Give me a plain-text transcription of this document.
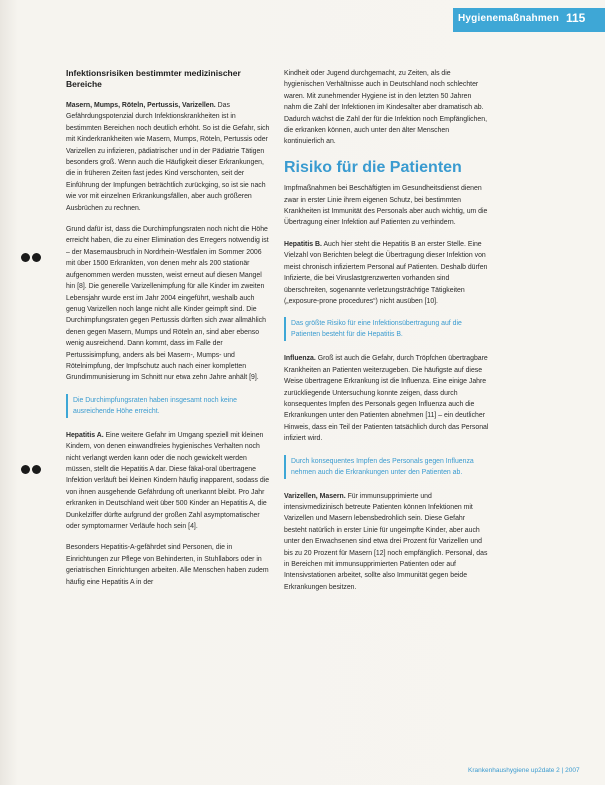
Hygienemaßnahmen 115
Infektionsrisiken bestimmter medizinischer Bereiche

Masern, Mumps, Röteln, Pertussis, Varizellen. Das Gefährdungspotenzial durch Infektionskrankheiten ist in bestimmten Bereichen noch deutlich erhöht. So ist die Gefahr, sich mit Kinderkrankheiten wie Masern, Mumps, Röteln, Pertussis oder Varizellen zu infizieren, pädiatrischer und in der Pädiatrie Tätigen besonders groß. Wenn auch die Häufigkeit dieser Erkrankungen, die in früheren Zeiten fast jedes Kind verschonten, seit der Einführung der Impfungen beträchtlich zurückging, so ist sie nach wie vor mit einzelnen Erkrankungsfällen, aber auch größeren Ausbrüchen zu rechnen.

Grund dafür ist, dass die Durchimpfungsraten noch nicht die Höhe erreicht haben, die zu einer Elimination des Erregers notwendig ist – der Masernausbruch in Nordrhein-Westfalen im Sommer 2006 mit über 1500 Erkrankten, von denen mehr als 200 stationär aufgenommen werden mussten, weist erneut auf diesen Mangel hin [8]. Die generelle Varizellenimpfung für alle Kinder im zweiten Lebensjahr wurde erst im Jahr 2004 eingeführt, weshalb auch genug Varizellen noch lange nicht alle Kinder geimpft sind. Die Durchimpfungsraten gegen Pertussis dürften sich zwar allmählich denen gegen Masern, Mumps und Röteln an, sind aber ebenso wenig ausreichend. Dann kommt, dass im Falle der Pertussisimpfung, anders als bei Masern-, Mumps- und Rötelnimpfung, der Impfschutz auch nach einer kompletten Grundimmunisierung im Schnitt nur etwa zehn Jahre anhält [9].

Die Durchimpfungsraten haben insgesamt noch keine ausreichende Höhe erreicht.

Hepatitis A. Eine weitere Gefahr im Umgang speziell mit kleinen Kindern, von denen einwandfreies hygienisches Verhalten noch nicht verlangt werden kann oder die noch gewickelt werden müssen, stellt die Hepatitis A dar. Diese fäkal-oral übertragene Infektion verläuft bei kleinen Kindern häufig inapparent, sodass die von ihnen ausgehende Gefährdung oft unerkannt bleibt. Pro Jahr erkranken in Deutschland weit über 500 Kinder an Hepatitis A, die Dunkelziffer dürfte aufgrund der großen Zahl asymptomatischer oder symptomarmer Verläufe hoch sein [4].

Besonders Hepatitis-A-gefährdet sind Personen, die in Einrichtungen zur Pflege von Behinderten, in Stuhllabors oder in geriatrischen Einrichtungen arbeiten. Alle Menschen haben zudem häufig eine Hepatitis A in der

Kindheit oder Jugend durchgemacht, zu Zeiten, als die hygienischen Verhältnisse auch in Deutschland noch schlechter waren. Mit zunehmender Hygiene ist in den letzten 50 Jahren nahm die Zahl der Infektionen im Kindesalter aber dramatisch ab. Dadurch wächst die Zahl der für die Infektion noch Empfänglichen, die erkranken können, auch unter den älter Menschen kontinuierlich an.

Risiko für die Patienten

Impfmaßnahmen bei Beschäftigten im Gesundheitsdienst dienen zwar in erster Linie ihrem eigenen Schutz, bei bestimmten Krankheiten ist Immunität des Personals aber auch wichtig, um die Übertragung einer Infektion auf Patienten zu verhindern.

Hepatitis B. Auch hier steht die Hepatitis B an erster Stelle. Eine Vielzahl von Berichten belegt die Übertragung dieser Infektion von meist chronisch infiziertem Personal auf Patienten. Deshalb dürfen Infizierte, die bei Viruslastgrenzwerten vorhanden sind überschreiten, sogenannte verletzungsträchtige Tätigkeiten („exposure-prone procedures“) nicht ausüben [10].

Das größte Risiko für eine Infektionsübertragung auf die Patienten besteht für die Hepatitis B.

Influenza. Groß ist auch die Gefahr, durch Tröpfchen übertragbare Krankheiten an Patienten weiterzugeben. Die häufigste auf diese Weise übertragene Erkrankung ist die Influenza. Eine einige Jahre zurückliegende Untersuchung konnte zeigen, dass durch konsequentes Impfen des Personals gegen Influenza auch die Erkrankungen unter den Patienten abnehmen [11] – ein deutlicher Hinweis, dass ein Teil der Patienten tatsächlich durch das Personal infiziert wird.

Durch konsequentes Impfen des Personals gegen Influenza nehmen auch die Erkrankungen unter den Patienten ab.

Varizellen, Masern. Für immunsupprimierte und intensivmedizinisch betreute Patienten können Infektionen mit Varizellen und Masern lebensbedrohlich sein. Diese Gefahr besteht natürlich in erster Linie für ungeimpfte Kinder, aber auch unter den Erwachsenen sind etwa drei Prozent für Varizellen und bis zu 20 Prozent für Masern [12] noch empfänglich. Personal, das in Bereichen mit immunsupprimierten Patienten oder auf Intensivstationen arbeitet, sollte also Immunität gegen beide Erkrankungen besitzen.

Krankenhaushygiene up2date 2 | 2007
